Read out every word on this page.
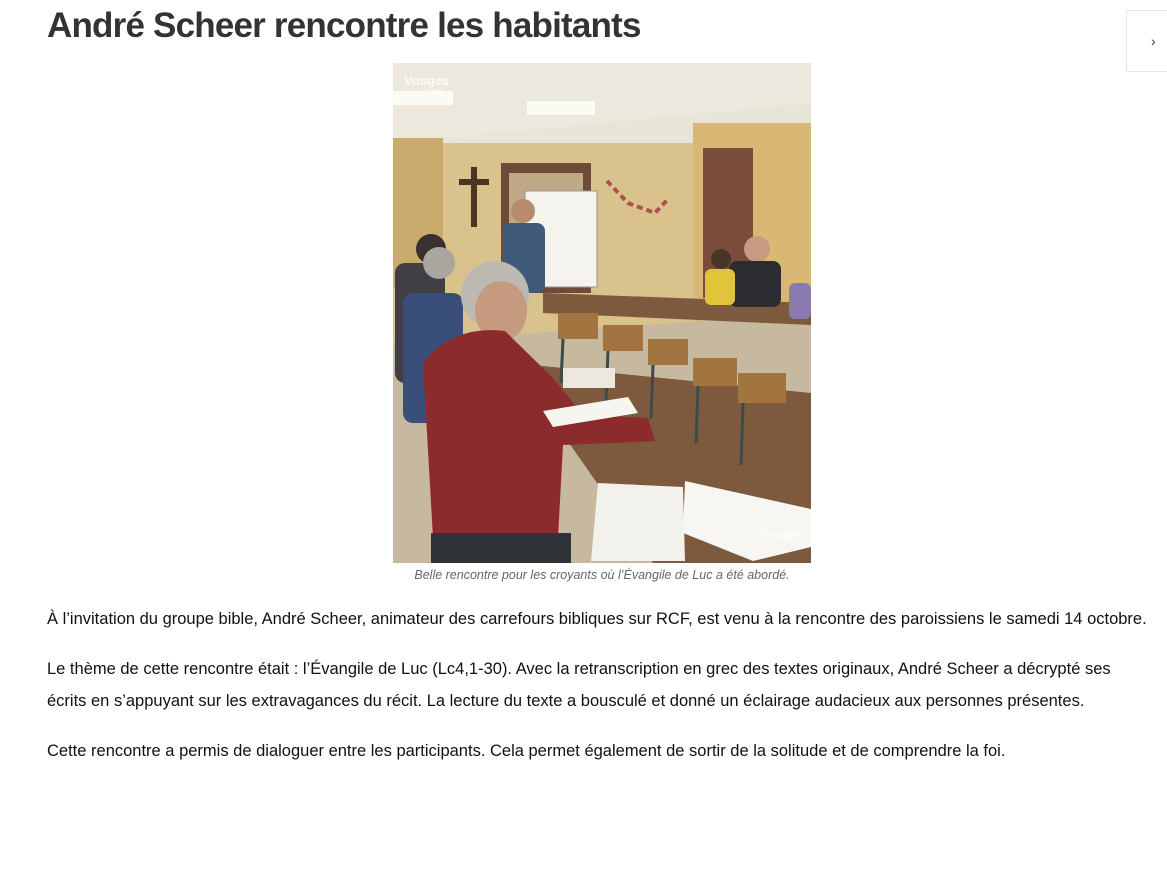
André Scheer rencontre les habitants	›
Vosges
matin
Vosges
Belle rencontre pour les croyants où l’Évangile de Luc a été abordé.

À l’invitation du groupe bible, André Scheer, animateur des carrefours bibliques sur RCF, est venu à la rencontre des paroissiens le samedi 14 octobre.

Le thème de cette rencontre était : l’Évangile de Luc (Lc4,1-30). Avec la retranscription en grec des textes originaux, André Scheer a décrypté ses écrits en s’appuyant sur les extravagances du récit. La lecture du texte a bousculé et donné un éclairage audacieux aux personnes présentes.

Cette rencontre a permis de dialoguer entre les participants. Cela permet également de sortir de la solitude et de comprendre la foi.
